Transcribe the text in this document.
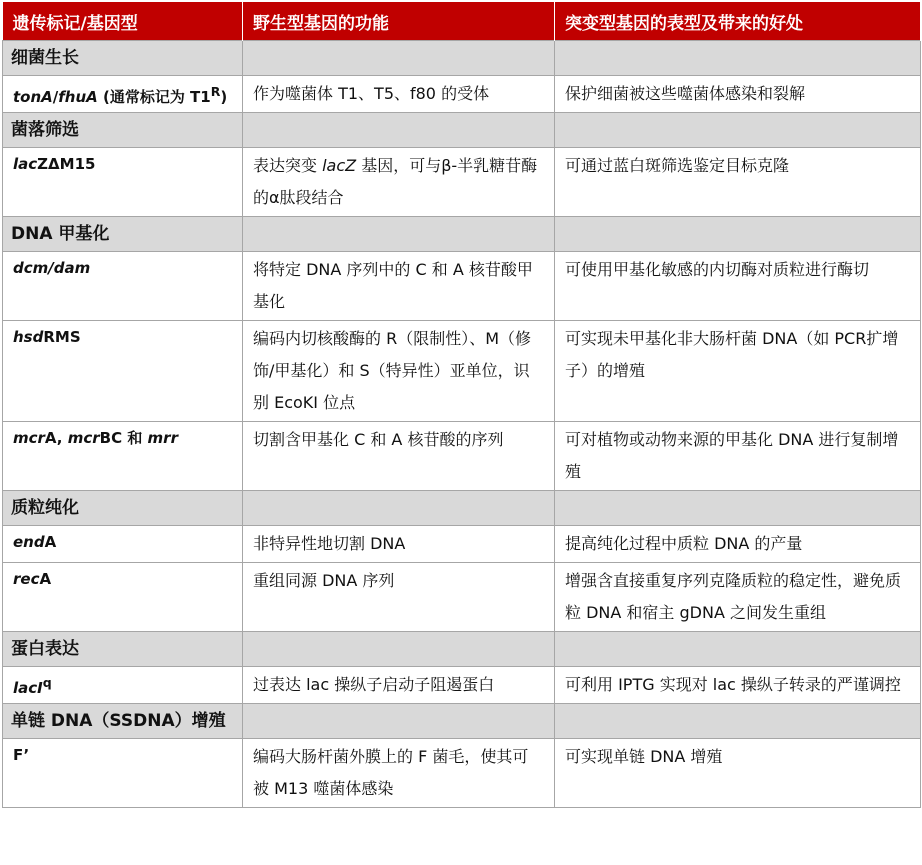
遗传标记/基因型	野生型基因的功能	突变型基因的表型及带来的好处
细菌生长		
tonA/fhuA (通常标记为 $T1^R$)	作为噬菌体 T1、T5、f80 的受体	保护细菌被这些噬菌体感染和裂解
菌落筛选		
lacZΔM15	表达突变 lacZ 基因，可与β-半乳糖苷酶的α肽段结合	可通过蓝白斑筛选鉴定目标克隆
DNA 甲基化		
dcm/dam	将特定 DNA 序列中的 C 和 A 核苷酸甲基化	可使用甲基化敏感的内切酶对质粒进行酶切
hsdRMS	编码内切核酸酶的 R（限制性）、M（修饰/甲基化）和 S（特异性）亚单位，识别 EcoKI 位点	可实现未甲基化非大肠杆菌 DNA（如 PCR扩增子）的增殖
mcrA, mcrBC 和 mrr	切割含甲基化 C 和 A 核苷酸的序列	可对植物或动物来源的甲基化 DNA 进行复制增殖
质粒纯化		
endA	非特异性地切割 DNA	提高纯化过程中质粒 DNA 的产量
recA	重组同源 DNA 序列	增强含直接重复序列克隆质粒的稳定性，避免质粒 DNA 和宿主 gDNA 之间发生重组
蛋白表达		
lacI$^q$	过表达 lac 操纵子启动子阻遏蛋白	可利用 IPTG 实现对 lac 操纵子转录的严谨调控
单链 DNA（SSDNA）增殖		
F’	编码大肠杆菌外膜上的 F 菌毛，使其可被 M13 噬菌体感染	可实现单链 DNA 增殖
